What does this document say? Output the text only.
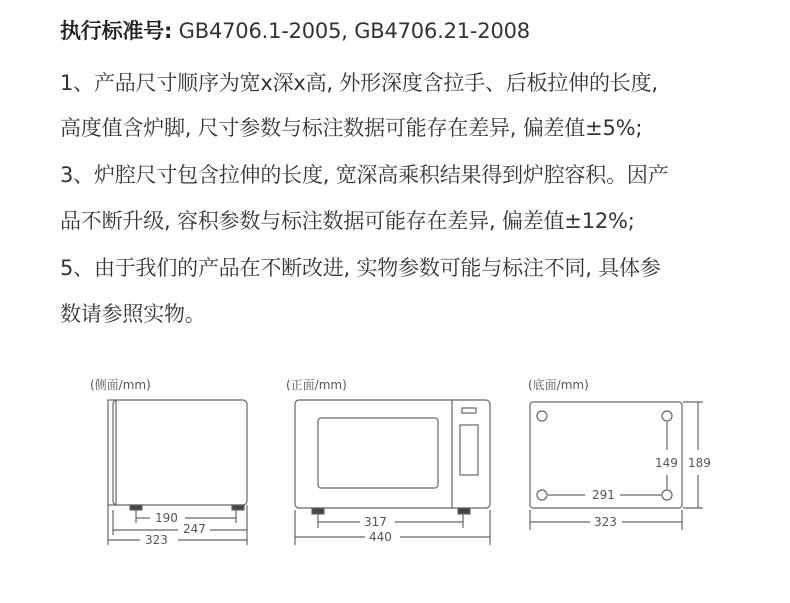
执行标准号: GB4706.1-2005, GB4706.21-2008
1、产品尺寸顺序为宽x深x高, 外形深度含拉手、后板拉伸的长度,
高度值含炉脚, 尺寸参数与标注数据可能存在差异, 偏差值±5%;
3、炉腔尺寸包含拉伸的长度, 宽深高乘积结果得到炉腔容积。因产
品不断升级, 容积参数与标注数据可能存在差异, 偏差值±12%;
5、由于我们的产品在不断改进, 实物参数可能与标注不同, 具体参
数请参照实物。
(侧面/mm)
190
247
323
(正面/mm)
317
440
(底面/mm)
149 189
291
323
